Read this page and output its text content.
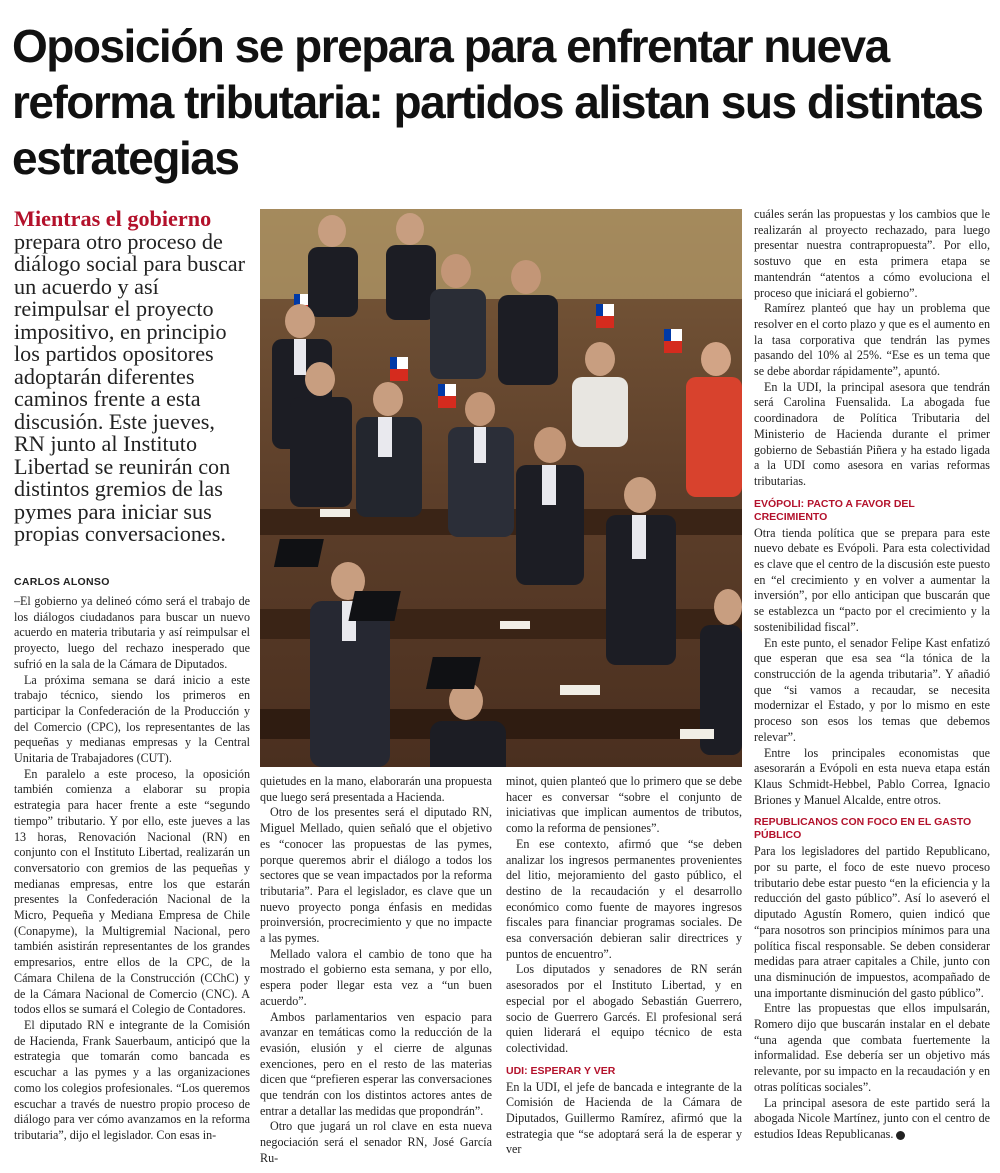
Oposición se prepara para enfrentar nueva reforma tributaria: partidos alistan sus distintas estrategias

Mientras el gobierno prepara otro proceso de diálogo social para buscar un acuerdo y así reimpulsar el proyecto impositivo, en principio los partidos opositores adoptarán diferentes caminos frente a esta discusión. Este jueves, RN junto al Instituto Libertad se reunirán con distintos gremios de las pymes para iniciar sus propias conversaciones.

CARLOS ALONSO

–El gobierno ya delineó cómo será el trabajo de los diálogos ciudadanos para buscar un nuevo acuerdo en materia tributaria y así reimpulsar el proyecto, luego del rechazo inesperado que sufrió en la sala de la Cámara de Diputados.

La próxima semana se dará inicio a este trabajo técnico, siendo los primeros en participar la Confederación de la Producción y del Comercio (CPC), los representantes de las pequeñas y medianas empresas y la Central Unitaria de Trabajadores (CUT).

En paralelo a este proceso, la oposición también comienza a elaborar su propia estrategia para hacer frente a este “segundo tiempo” tributario. Y por ello, este jueves a las 13 horas, Renovación Nacional (RN) en conjunto con el Instituto Libertad, realizarán un conversatorio con gremios de las pequeñas y medianas empresas, entre los que estarán presentes la Confederación Nacional de la Micro, Pequeña y Mediana Empresa de Chile (Conapyme), la Multigremial Nacional, pero también asistirán representantes de los grandes empresarios, entre ellos de la CPC, de la Cámara Chilena de la Construcción (CChC) y de la Cámara Nacional de Comercio (CNC). A todos ellos se sumará el Colegio de Contadores.

El diputado RN e integrante de la Comisión de Hacienda, Frank Sauerbaum, anticipó que la estrategia que tomarán como bancada es escuchar a las pymes y a las organizaciones como los colegios profesionales. “Los queremos escuchar a través de nuestro propio proceso de diálogo para ver cómo avanzamos en la reforma tributaria”, dijo el legislador. Con esas in-

quietudes en la mano, elaborarán una propuesta que luego será presentada a Hacienda.

Otro de los presentes será el diputado RN, Miguel Mellado, quien señaló que el objetivo es “conocer las propuestas de las pymes, porque queremos abrir el diálogo a todos los sectores que se vean impactados por la reforma tributaria”. Para el legislador, es clave que un nuevo proyecto ponga énfasis en medidas proinversión, procrecimiento y que no impacte a las pymes.

Mellado valora el cambio de tono que ha mostrado el gobierno esta semana, y por ello, espera poder llegar esta vez a “un buen acuerdo”.

Ambos parlamentarios ven espacio para avanzar en temáticas como la reducción de la evasión, elusión y el cierre de algunas exenciones, pero en el resto de las materias dicen que “prefieren esperar las conversaciones que tendrán con los distintos actores antes de entrar a detallar las medidas que propondrán”.

Otro que jugará un rol clave en esta nueva negociación será el senador RN, José García Ru-

minot, quien planteó que lo primero que se debe hacer es conversar “sobre el conjunto de iniciativas que implican aumentos de tributos, como la reforma de pensiones”.

En ese contexto, afirmó que “se deben analizar los ingresos permanentes provenientes del litio, mejoramiento del gasto público, el destino de la recaudación y el desarrollo económico como fuente de mayores ingresos fiscales para financiar programas sociales. De esa conversación debieran salir directrices y puntos de encuentro”.

Los diputados y senadores de RN serán asesorados por el Instituto Libertad, y en especial por el abogado Sebastián Guerrero, socio de Guerrero Garcés. El profesional será quien liderará el equipo técnico de esta colectividad.

UDI: ESPERAR Y VER

En la UDI, el jefe de bancada e integrante de la Comisión de Hacienda de la Cámara de Diputados, Guillermo Ramírez, afirmó que la estrategia que “se adoptará será la de esperar y ver

cuáles serán las propuestas y los cambios que le realizarán al proyecto rechazado, para luego presentar nuestra contrapropuesta”. Por ello, sostuvo que en esta primera etapa se mantendrán “atentos a cómo evoluciona el proceso que iniciará el gobierno”.

Ramírez planteó que hay un problema que resolver en el corto plazo y que es el aumento en la tasa corporativa que tendrán las pymes pasando del 10% al 25%. “Ese es un tema que se debe abordar rápidamente”, apuntó.

En la UDI, la principal asesora que tendrán será Carolina Fuensalida. La abogada fue coordinadora de Política Tributaria del Ministerio de Hacienda durante el primer gobierno de Sebastián Piñera y ha estado ligada a la UDI como asesora en varias reformas tributarias.

EVÓPOLI: PACTO A FAVOR DEL CRECIMIENTO

Otra tienda política que se prepara para este nuevo debate es Evópoli. Para esta colectividad es clave que el centro de la discusión este puesto en “el crecimiento y en volver a aumentar la inversión”, por ello anticipan que buscarán que se establezca un “pacto por el crecimiento y la sostenibilidad fiscal”.

En este punto, el senador Felipe Kast enfatizó que esperan que esa sea “la tónica de la construcción de la agenda tributaria”. Y añadió que “si vamos a recaudar, se necesita modernizar el Estado, y por lo mismo en este proceso son esos los temas que debemos relevar”.

Entre los principales economistas que asesorarán a Evópoli en esta nueva etapa están Klaus Schmidt-Hebbel, Pablo Correa, Ignacio Briones y Manuel Alcalde, entre otros.

REPUBLICANOS CON FOCO EN EL GASTO PÚBLICO

Para los legisladores del partido Republicano, por su parte, el foco de este nuevo proceso tributario debe estar puesto “en la eficiencia y la reducción del gasto público”. Así lo aseveró el diputado Agustín Romero, quien indicó que “para nosotros son principios mínimos para una política fiscal responsable. Se deben considerar medidas para atraer capitales a Chile, junto con una disminución de impuestos, acompañado de una importante disminución del gasto público”.

Entre las propuestas que ellos impulsarán, Romero dijo que buscarán instalar en el debate “una agenda que combata fuertemente la informalidad. Ese debería ser un objetivo más relevante, por su impacto en la recaudación y en otras políticas sociales”.

La principal asesora de este partido será la abogada Nicole Martínez, junto con el centro de estudios Ideas Republicanas.
